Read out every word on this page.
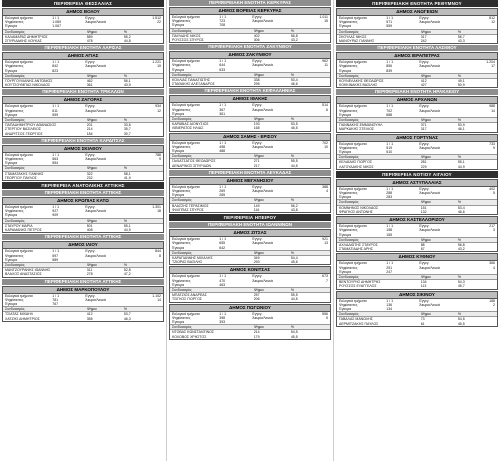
ΠΕΡΙΦΕΡΕΙΑ ΘΕΣΣΑΛΙΑΣ
ΔΗΜΟΣ ΒΟΛΟΥ
Εκλογικά τμήματα	1 / 1	Εγγεγ.	1.512
Ψηφίσαντες	1.089	Άκυρα/Λευκά	22
Έγκυρα	1.067
Συνδυασμός	Ψήφοι	%
ΚΑΛΑΜΑΡΑΣ ΔΗΜΗΤΡΙΟΣ	589	55,2
ΣΠΥΡΙΔΑΚΗΣ ΛΟΥΚΑΣ	478	44,8
ΠΕΡΙΦΕΡΕΙΑΚΗ ΕΝΟΤΗΤΑ ΛΑΡΙΣΑΣ
ΔΗΜΟΣ ΑΓΙΑΣ
Εκλογικά τμήματα	1 / 1	Εγγεγ.	1.221
Ψηφίσαντες	842	Άκυρα/Λευκά	19
Έγκυρα	823
Συνδυασμός	Ψήφοι	%
ΓΟΥΡΓΟΥΛΙΑΝΗΣ ΑΝΤΩΝΙΟΣ	462	56,1
ΚΟΥΤΣΟΥΜΠΑΣ ΝΙΚΟΛΑΟΣ	361	43,9
ΠΕΡΙΦΕΡΕΙΑΚΗ ΕΝΟΤΗΤΑ ΤΡΙΚΑΛΩΝ
ΔΗΜΟΣ ΖΑΓΟΡΑΣ
Εκλογικά τμήματα	1 / 1	Εγγεγ.	934
Ψηφίσαντες	611	Άκυρα/Λευκά	12
Έγκυρα	599
Συνδυασμός	Ψήφοι	%
ΠΑΠΑΔΗΜΗΤΡΙΟΥ ΑΘΑΝΑΣΙΟΣ	201	33,6
ΣΤΕΡΓΙΟΥ ΒΑΣΙΛΕΙΟΣ	214	35,7
ΑΝΔΡΙΤΣΟΣ ΓΕΩΡΓΙΟΣ	184	30,7
ΠΕΡΙΦΕΡΕΙΑΚΗ ΕΝΟΤΗΤΑ ΚΑΡΔΙΤΣΑΣ
ΔΗΜΟΣ ΣΚΙΑΘΟΥ
Εκλογικά τμήματα	1 / 1	Εγγεγ.	788
Ψηφίσαντες	563	Άκυρα/Λευκά	9
Έγκυρα	554
Συνδυασμός	Ψήφοι	%
ΣΤΑΜΑΤΑΚΗΣ ΓΙΑΝΝΗΣ	322	58,1
ΓΕΩΡΓΙΟΥ ΠΑΥΛΟΣ	232	41,9
ΠΕΡΙΦΕΡΕΙΑ ΑΝΑΤΟΛΙΚΗΣ ΑΤΤΙΚΗΣ
ΠΕΡΙΦΕΡΕΙΑΚΗ ΕΝΟΤΗΤΑ ΑΤΤΙΚΗΣ
ΔΗΜΟΣ ΚΡΩΠΙΑΣ ΚΑΤΩ
Εκλογικά τμήματα	1 / 1	Εγγεγ.	1.301
Ψηφίσαντες	927	Άκυρα/Λευκά	18
Έγκυρα	909
Συνδυασμός	Ψήφοι	%
ΣΤΑΥΡΟΥ ΜΑΡΙΑ	501	55,1
ΚΑΡΑΜΑΝΗΣ ΠΕΤΡΟΣ	408	44,9
ΠΕΡΙΦΕΡΕΙΑΚΗ ΕΝΟΤΗΤΑ ΑΤΤΙΚΗΣ
ΔΗΜΟΣ ΙΛΙΟΥ
Εκλογικά τμήματα	1 / 1	Εγγεγ.	844
Ψηφίσαντες	597	Άκυρα/Λευκά	8
Έγκυρα	589
Συνδυασμός	Ψήφοι	%
ΜΑΝΤΖΟΥΡΑΝΗΣ ΙΩΑΝΝΗΣ	311	52,8
ΒΛΑΧΟΣ ΑΝΑΣΤΑΣΙΟΣ	278	47,2
ΠΕΡΙΦΕΡΕΙΑΚΗ ΕΝΟΤΗΤΑ ΑΤΤΙΚΗΣ
ΔΗΜΟΣ ΜΑΡΚΟΠΟΥΛΟΥ
Εκλογικά τμήματα	1 / 1	Εγγεγ.	1.102
Ψηφίσαντες	781	Άκυρα/Λευκά	14
Έγκυρα	767
Συνδυασμός	Ψήφοι	%
ΤΣΙΑΤΑΣ ΜΙΧΑΗΛ	412	53,7
ΧΑΤΖΗΣ ΔΗΜΗΤΡΙΟΣ	355	46,3
ΠΕΡΙΦΕΡΕΙΑΚΗ ΕΝΟΤΗΤΑ ΚΕΡΚΥΡΑΣ
ΔΗΜΟΣ ΒΟΡΕΙΑΣ ΚΕΡΚΥΡΑΣ
Εκλογικά τμήματα	1 / 1	Εγγεγ.	1.011
Ψηφίσαντες	723	Άκυρα/Λευκά	15
Έγκυρα	708
Συνδυασμός	Ψήφοι	%
ΠΑΥΛΙΔΗΣ ΝΙΚΟΣ	402	56,8
ΡΟΥΣΣΟΣ ΣΠΥΡΟΣ	306	43,2
ΠΕΡΙΦΕΡΕΙΑΚΗ ΕΝΟΤΗΤΑ ΖΑΚΥΝΘΟΥ
ΔΗΜΟΣ ΖΑΚΥΝΘΟΥ
Εκλογικά τμήματα	1 / 1	Εγγεγ.	962
Ψηφίσαντες	644	Άκυρα/Λευκά	11
Έγκυρα	633
Συνδυασμός	Ψήφοι	%
ΚΟΛΛΙΑΣ ΠΑΝΑΓΙΩΤΗΣ	338	53,4
ΣΤΑΘΑΚΗΣ ΑΛΕΞΑΝΔΡΟΣ	295	46,6
ΠΕΡΙΦΕΡΕΙΑΚΗ ΕΝΟΤΗΤΑ ΚΕΦΑΛΛΗΝΙΑΣ
ΔΗΜΟΣ ΙΘΑΚΗΣ
Εκλογικά τμήματα	1 / 1	Εγγεγ.	514
Ψηφίσαντες	367	Άκυρα/Λευκά	6
Έγκυρα	361
Συνδυασμός	Ψήφοι	%
ΚΑΡΑΒΙΑΣ ΔΙΟΝΥΣΙΟΣ	193	53,5
ΛΙΒΙΕΡΑΤΟΣ ΗΛΙΑΣ	168	46,5
ΔΗΜΟΣ ΣΑΜΗΣ - ΕΡΙΣΟΥ
Εκλογικά τμήματα	1 / 1	Εγγεγ.	702
Ψηφίσαντες	498	Άκυρα/Λευκά	10
Έγκυρα	488
Συνδυασμός	Ψήφοι	%
ΓΑΛΙΑΤΣΑΤΟΣ ΘΕΟΔΩΡΟΣ	271	55,5
ΔΕΝΔΡΙΝΟΣ ΣΠΥΡΙΔΩΝ	217	44,5
ΠΕΡΙΦΕΡΕΙΑΚΗ ΕΝΟΤΗΤΑ ΛΕΥΚΑΔΑΣ
ΔΗΜΟΣ ΜΕΓΑΝΗΣΙΟΥ
Εκλογικά τμήματα	1 / 1	Εγγεγ.	388
Ψηφίσαντες	269	Άκυρα/Λευκά	4
Έγκυρα	265
Συνδυασμός	Ψήφοι	%
ΒΛΑΣΣΗΣ ΓΕΡΑΣΙΜΟΣ	149	56,2
ΦΙΛΙΠΠΑΣ ΣΠΥΡΟΣ	116	43,8
ΠΕΡΙΦΕΡΕΙΑ ΗΠΕΙΡΟΥ
ΠΕΡΙΦΕΡΕΙΑΚΗ ΕΝΟΤΗΤΑ ΙΩΑΝΝΙΝΩΝ
ΔΗΜΟΣ ΖΙΤΣΑΣ
Εκλογικά τμήματα	1 / 1	Εγγεγ.	921
Ψηφίσαντες	655	Άκυρα/Λευκά	13
Έγκυρα	642
Συνδυασμός	Ψήφοι	%
ΚΑΡΑΓΙΑΝΝΗΣ ΜΙΧΑΛΗΣ	349	54,4
ΤΖΙΩΡΑΣ ΒΑΣΙΛΗΣ	293	45,6
ΔΗΜΟΣ ΚΟΝΙΤΣΑΣ
Εκλογικά τμήματα	1 / 1	Εγγεγ.	673
Ψηφίσαντες	470	Άκυρα/Λευκά	7
Έγκυρα	463
Συνδυασμός	Ψήφοι	%
ΜΠΑΤΖΙΟΣ ΑΝΔΡΕΑΣ	257	55,5
ΤΣΙΓΚΟΣ ΓΙΩΡΓΟΣ	206	44,5
ΔΗΜΟΣ ΠΩΓΩΝΙΟΥ
Εκλογικά τμήματα	1 / 1	Εγγεγ.	556
Ψηφίσαντες	398	Άκυρα/Λευκά	5
Έγκυρα	393
Συνδυασμός	Ψήφοι	%
ΝΤΟΒΑΣ ΚΩΝΣΤΑΝΤΙΝΟΣ	214	54,5
ΚΟΛΟΒΟΣ ΧΡΗΣΤΟΣ	179	45,5
ΠΕΡΙΦΕΡΕΙΑΚΗ ΕΝΟΤΗΤΑ ΡΕΘΥΜΝΟΥ
ΔΗΜΟΣ ΑΝΩΓΕΙΩΝ
Εκλογικά τμήματα	1 / 1	Εγγεγ.	812
Ψηφίσαντες	571	Άκυρα/Λευκά	12
Έγκυρα	559
Συνδυασμός	Ψήφοι	%
ΣΚΟΥΛΑΣ ΝΙΚΟΣ	317	56,7
ΜΑΝΟΥΡΑΣ ΓΙΑΝΝΗΣ	242	43,3
ΠΕΡΙΦΕΡΕΙΑΚΗ ΕΝΟΤΗΤΑ ΛΑΣΙΘΙΟΥ
ΔΗΜΟΣ ΙΕΡΑΠΕΤΡΑΣ
Εκλογικά τμήματα	1 / 1	Εγγεγ.	1.204
Ψηφίσαντες	856	Άκυρα/Λευκά	17
Έγκυρα	839
Συνδυασμός	Ψήφοι	%
ΚΟΥΝΕΛΑΚΗΣ ΘΕΟΔΩΡΟΣ	412	49,1
ΚΟΚΚΙΝΑΚΗΣ ΒΑΣΙΛΗΣ	427	50,9
ΠΕΡΙΦΕΡΕΙΑΚΗ ΕΝΟΤΗΤΑ ΗΡΑΚΛΕΙΟΥ
ΔΗΜΟΣ ΑΡΧΑΝΩΝ
Εκλογικά τμήματα	1 / 1	Εγγεγ.	988
Ψηφίσαντες	702	Άκυρα/Λευκά	14
Έγκυρα	688
Συνδυασμός	Ψήφοι	%
ΓΙΑΝΝΑΚΗΣ ΕΜΜΑΝΟΥΗΛ	371	53,9
ΜΑΡΚΑΚΗΣ ΣΤΕΛΙΟΣ	317	46,1
ΔΗΜΟΣ ΓΟΡΤΥΝΑΣ
Εκλογικά τμήματα	1 / 1	Εγγεγ.	733
Ψηφίσαντες	519	Άκυρα/Λευκά	9
Έγκυρα	510
Συνδυασμός	Ψήφοι	%
ΚΕΛΑΪΔΗΣ ΓΙΩΡΓΟΣ	281	55,1
ΛΑΓΟΥΔΑΚΗΣ ΝΙΚΟΣ	229	44,9
ΠΕΡΙΦΕΡΕΙΑ ΝΟΤΙΟΥ ΑΙΓΑΙΟΥ
ΔΗΜΟΣ ΑΣΤΥΠΑΛΑΙΑΣ
Εκλογικά τμήματα	1 / 1	Εγγεγ.	402
Ψηφίσαντες	288	Άκυρα/Λευκά	5
Έγκυρα	283
Συνδυασμός	Ψήφοι	%
ΚΟΜΝΗΝΟΣ ΝΙΚΟΛΑΟΣ	151	53,4
ΦΡΑΓΚΟΣ ΑΝΤΩΝΗΣ	132	46,6
ΔΗΜΟΣ ΚΑΣΤΕΛΛΟΡΙΖΟΥ
Εκλογικά τμήματα	1 / 1	Εγγεγ.	217
Ψηφίσαντες	158	Άκυρα/Λευκά	3
Έγκυρα	155
Συνδυασμός	Ψήφοι	%
ΑΧΛΑΔΙΩΤΗΣ ΣΤΑΥΡΟΣ	88	56,8
ΣΤΑΜΑΤΙΑΔΗΣ ΑΡΗΣ	67	43,2
ΔΗΜΟΣ ΚΥΘΝΟΥ
Εκλογικά τμήματα	1 / 1	Εγγεγ.	366
Ψηφίσαντες	251	Άκυρα/Λευκά	4
Έγκυρα	247
Συνδυασμός	Ψήφοι	%
ΒΕΝΤΟΥΡΗΣ ΔΗΜΗΤΡΗΣ	134	54,3
ΡΟΥΣΣΟΣ ΕΥΑΓΓΕΛΟΣ	113	45,7
ΔΗΜΟΣ ΣΙΚΙΝΟΥ
Εκλογικά τμήματα	1 / 1	Εγγεγ.	188
Ψηφίσαντες	136	Άκυρα/Λευκά	2
Έγκυρα	134
Συνδυασμός	Ψήφοι	%
ΓΑΒΑΛΑΣ ΜΑΝΩΛΗΣ	73	54,5
ΔΕΡΜΙΤΖΑΚΗΣ ΠΑΥΛΟΣ	61	45,5
